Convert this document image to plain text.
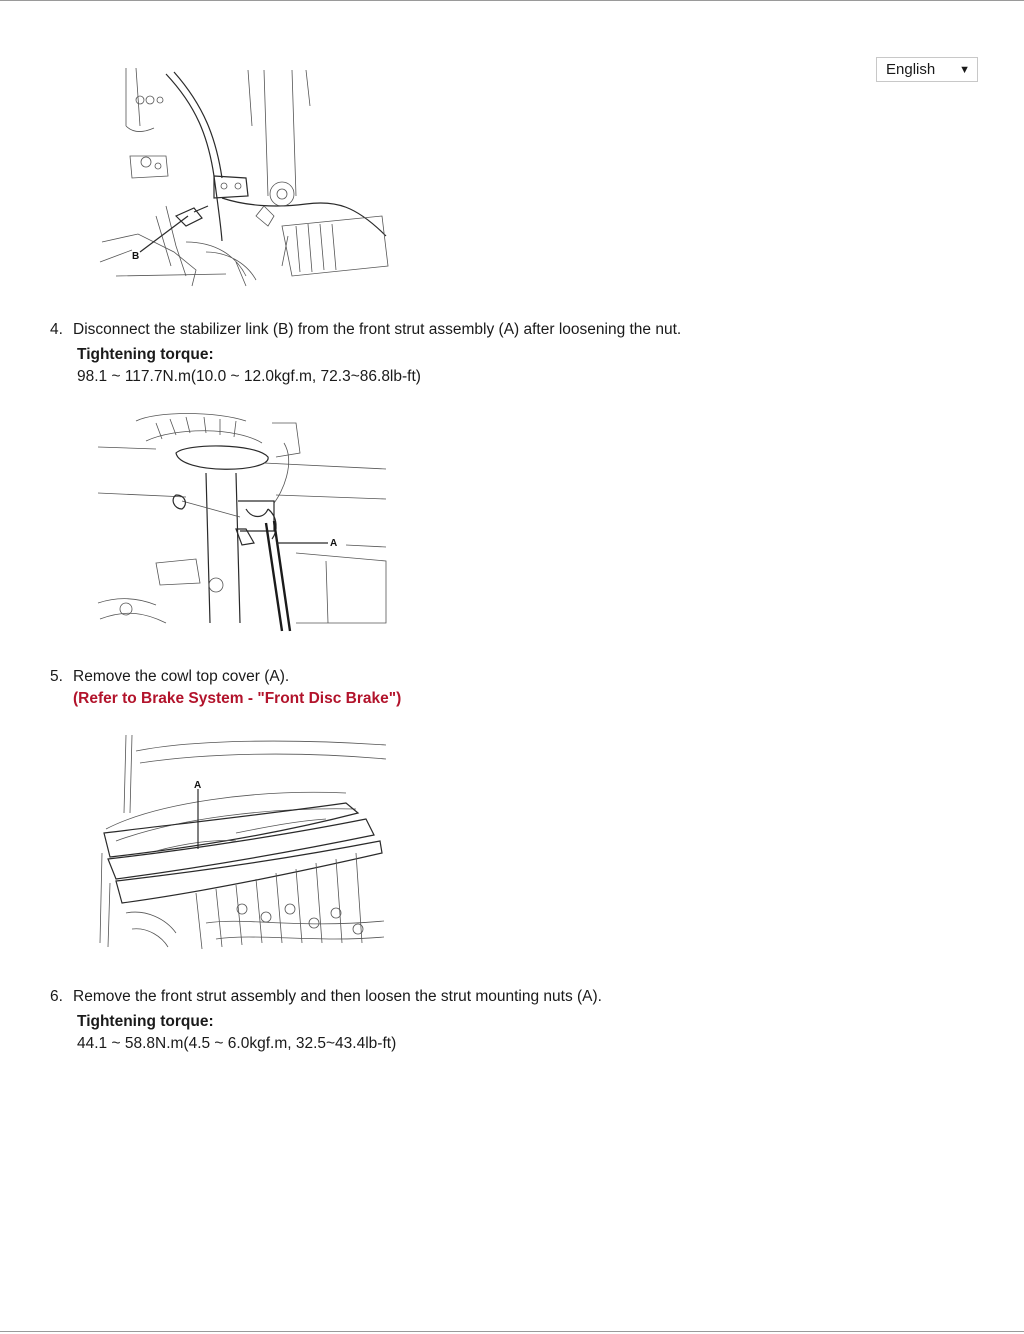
English ▼
B
4. Disconnect the stabilizer link (B) from the front strut assembly (A) after loosening the nut.
Tightening torque:
98.1 ~ 117.7N.m(10.0 ~ 12.0kgf.m, 72.3~86.8lb-ft)
A
5. Remove the cowl top cover (A).
(Refer to Brake System - "Front Disc Brake")
A
6. Remove the front strut assembly and then loosen the strut mounting nuts (A).
Tightening torque:
44.1 ~ 58.8N.m(4.5 ~ 6.0kgf.m, 32.5~43.4lb-ft)
